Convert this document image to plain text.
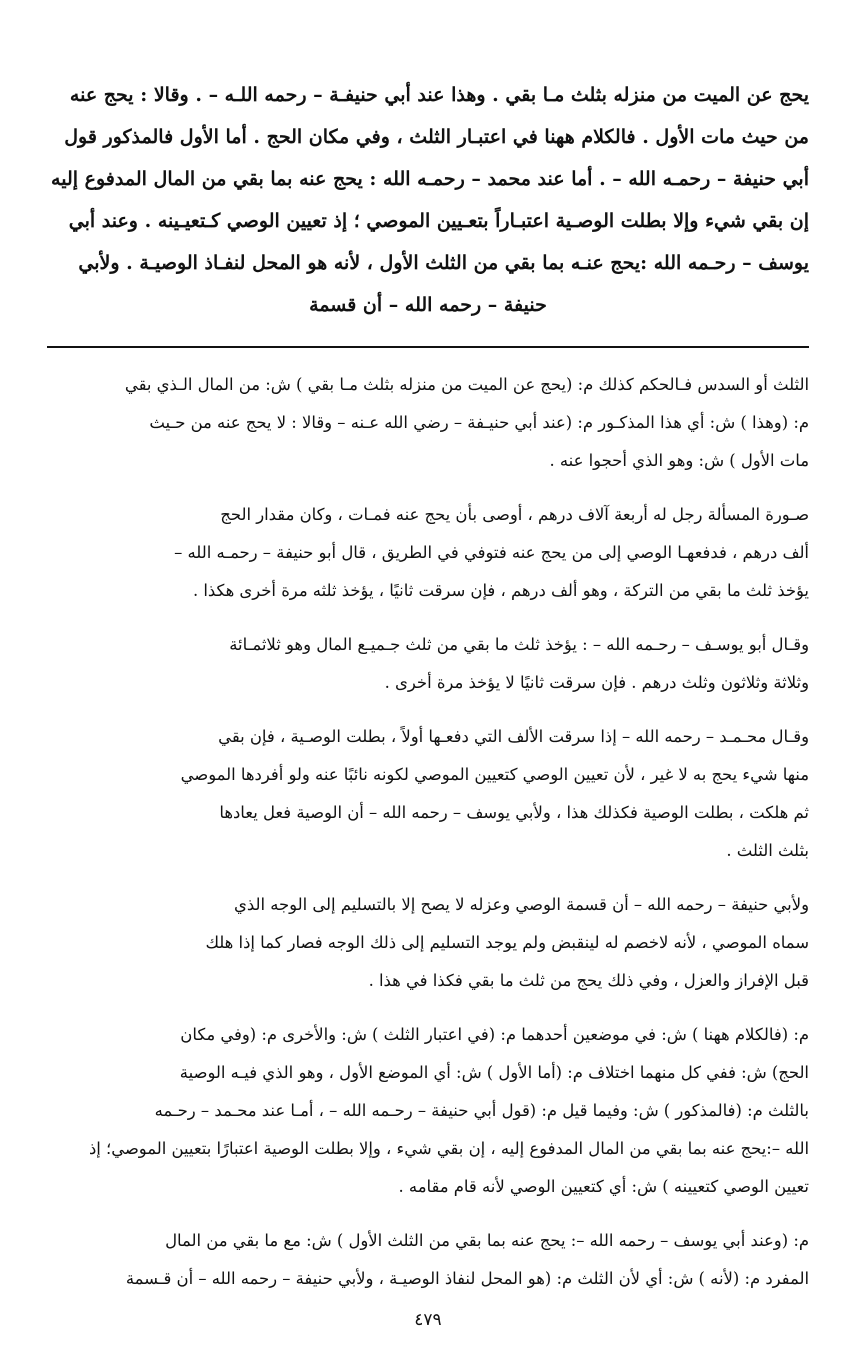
يحج عن الميت من منزله بثلث مـا بقي . وهذا عند أبي حنيفـة – رحمه اللـه – . وقالا : يحج عنه

من حيث مات الأول . فالكلام ههنا في اعتبـار الثلث ، وفي مكان الحج . أما الأول فالمذكور قول

أبي حنيفة – رحمـه الله – . أما عند محمد – رحمـه الله : يحج عنه بما بقي من المال المدفوع إليه

إن بقي شيء وإلا بطلت الوصـية اعتبـاراً بتعـيين الموصي ؛ إذ تعيين الوصي كـتعيـينه . وعند أبي

يوسف – رحـمه الله :يحج عنـه بما بقي من الثلث الأول ، لأنه هو المحل لنفـاذ الوصيـة . ولأبي

حنيفة – رحمه الله – أن قسمة

الثلث أو السدس فـالحكم كذلك م: (يحج عن الميت من منزله بثلث مـا بقي ) ش: من المال الـذي بقي

م: (وهذا ) ش: أي هذا المذكـور م: (عند أبي حنيـفة – رضي الله عـنه – وقالا : لا يحج عنه من حـيث

مات الأول ) ش: وهو الذي أحجوا عنه .

صـورة المسألة رجل له أربعة آلاف درهم ، أوصى بأن يحج عنه فمـات ، وكان مقدار الحج

ألف درهم ، فدفعهـا الوصي إلى من يحج عنه فتوفي في الطريق ، قال أبو حنيفة – رحمـه الله –

يؤخذ ثلث ما بقي من التركة ، وهو ألف درهم ، فإن سرقت ثانيًا ، يؤخذ ثلثه مرة أخرى هكذا .

وقـال أبو يوسـف – رحـمه الله – : يؤخذ ثلث ما بقي من ثلث جـميـع المال وهو ثلاثمـائة

وثلاثة وثلاثون وثلث درهم . فإن سرقت ثانيًا لا يؤخذ مرة أخرى .

وقـال محـمـد – رحمه الله – إذا سرقت الألف التي دفعـها أولاً ، بطلت الوصـية ، فإن بقي

منها شيء يحج به لا غير ، لأن تعيين الوصي كتعيين الموصي لكونه نائبًا عنه ولو أفردها الموصي

ثم هلكت ، بطلت الوصية فكذلك هذا ، ولأبي يوسف – رحمه الله – أن الوصية فعل يعادها

بثلث الثلث .

ولأبي حنيفة – رحمه الله – أن قسمة الوصي وعزله لا يصح إلا بالتسليم إلى الوجه الذي

سماه الموصي ، لأنه لاخصم له لينقبض ولم يوجد التسليم إلى ذلك الوجه فصار كما إذا هلك

قبل الإفراز والعزل ، وفي ذلك يحج من ثلث ما بقي فكذا في هذا .

م: (فالكلام ههنا ) ش: في موضعين أحدهما م: (في اعتبار الثلث ) ش: والأخرى م: (وفي مكان

الحج) ش: ففي كل منهما اختلاف م: (أما الأول ) ش: أي الموضع الأول ، وهو الذي فيـه الوصية

بالثلث م: (فالمذكور ) ش: وفيما قيل م: (قول أبي حنيفة – رحـمه الله – ، أمـا عند محـمد – رحـمه

الله –:يحج عنه بما بقي من المال المدفوع إليه ، إن بقي شيء ، وإلا بطلت الوصية اعتبارًا بتعيين الموصي؛ إذ

تعيين الوصي كتعيينه ) ش: أي كتعيين الوصي لأنه قام مقامه .

م: (وعند أبي يوسف – رحمه الله –: يحج عنه بما بقي من الثلث الأول ) ش: مع ما بقي من المال

المفرد م: (لأنه ) ش: أي لأن الثلث م: (هو المحل لنفاذ الوصيـة ، ولأبي حنيفة – رحمه الله – أن قـسمة

٤٧٩
